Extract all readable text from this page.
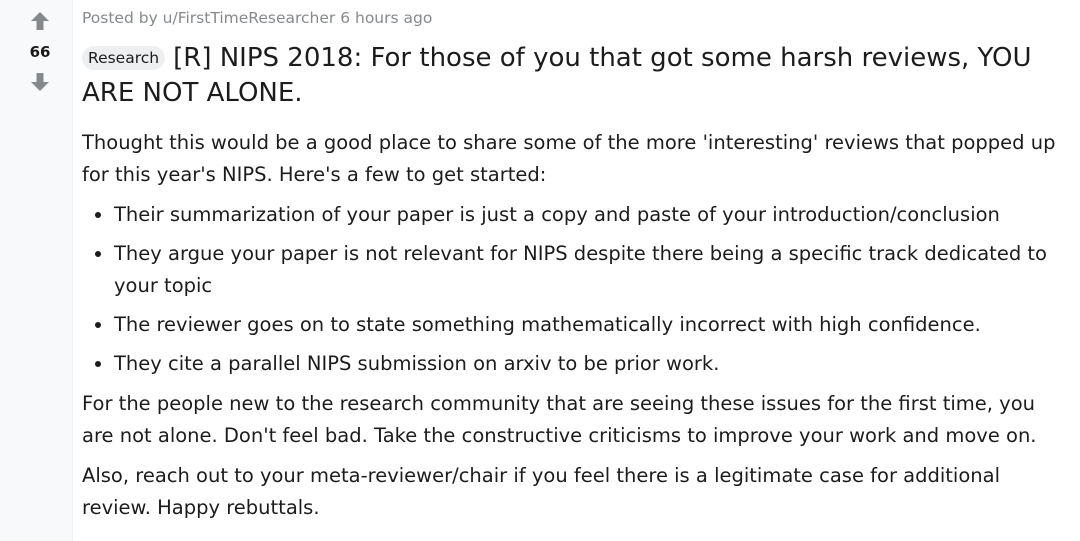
66
Posted by u/FirstTimeResearcher 6 hours ago
Research [R] NIPS 2018: For those of you that got some harsh reviews, YOU ARE NOT ALONE.

Thought this would be a good place to share some of the more 'interesting' reviews that popped up for this year's NIPS. Here's a few to get started:

• Their summarization of your paper is just a copy and paste of your introduction/conclusion
• They argue your paper is not relevant for NIPS despite there being a specific track dedicated to your topic
• The reviewer goes on to state something mathematically incorrect with high confidence.
• They cite a parallel NIPS submission on arxiv to be prior work.

For the people new to the research community that are seeing these issues for the first time, you are not alone. Don't feel bad. Take the constructive criticisms to improve your work and move on.

Also, reach out to your meta-reviewer/chair if you feel there is a legitimate case for additional review. Happy rebuttals.
